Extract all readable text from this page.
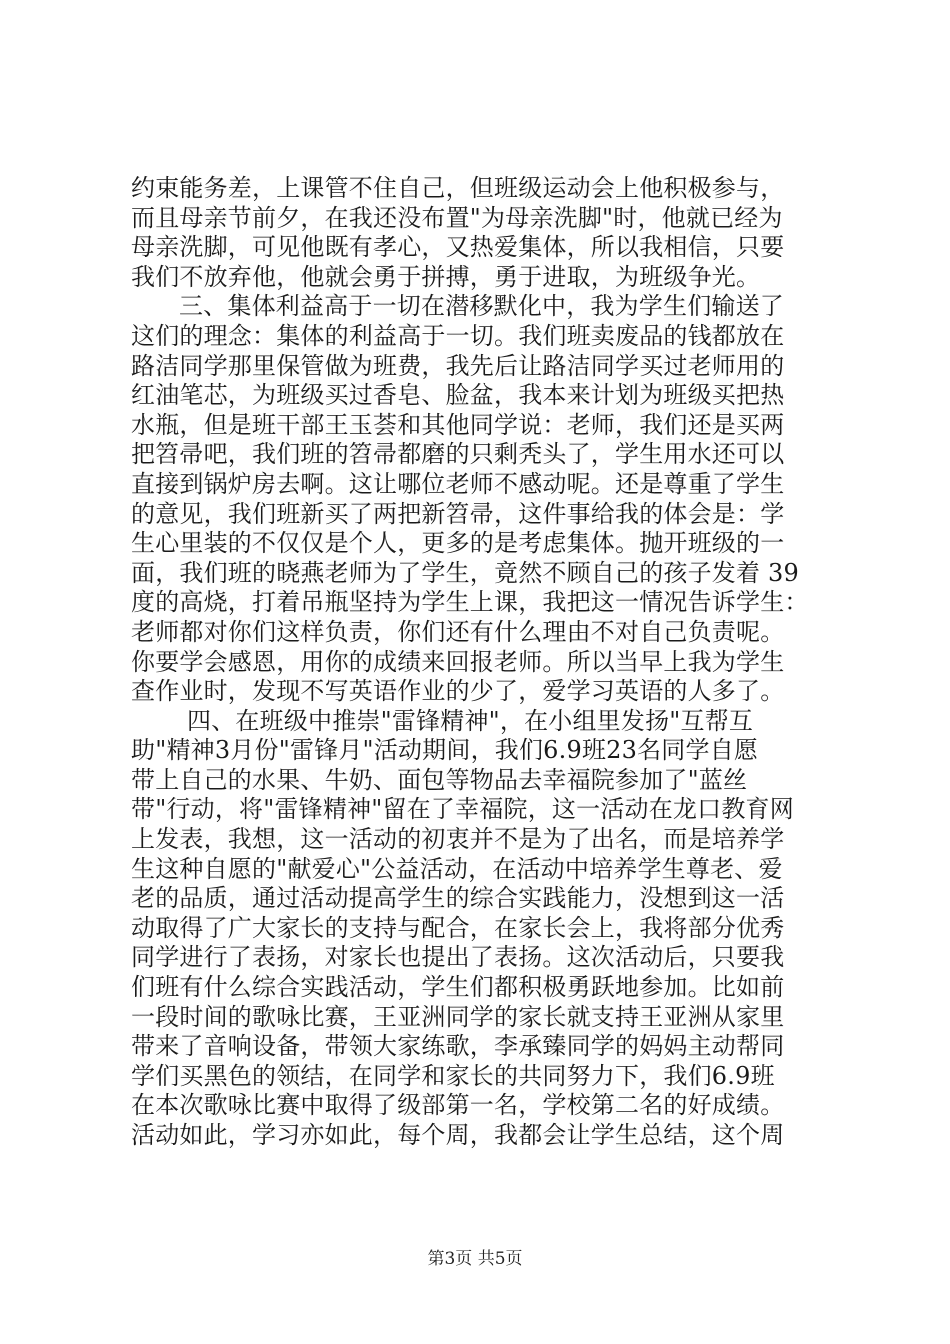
约束能务差，上课管不住自己，但班级运动会上他积极参与，
而且母亲节前夕，在我还没布置"为母亲洗脚"时，他就已经为
母亲洗脚，可见他既有孝心，又热爱集体，所以我相信，只要
我们不放弃他，他就会勇于拼搏，勇于进取，为班级争光。
三、集体利益高于一切在潜移默化中，我为学生们输送了
这们的理念：集体的利益高于一切。我们班卖废品的钱都放在
路洁同学那里保管做为班费，我先后让路洁同学买过老师用的
红油笔芯，为班级买过香皂、脸盆，我本来计划为班级买把热
水瓶，但是班干部王玉荟和其他同学说：老师，我们还是买两
把笤帚吧，我们班的笤帚都磨的只剩秃头了，学生用水还可以
直接到锅炉房去啊。这让哪位老师不感动呢。还是尊重了学生
的意见，我们班新买了两把新笤帚，这件事给我的体会是：学
生心里装的不仅仅是个人，更多的是考虑集体。抛开班级的一
面，我们班的晓燕老师为了学生，竟然不顾自己的孩子发着 39
度的高烧，打着吊瓶坚持为学生上课，我把这一情况告诉学生：
老师都对你们这样负责，你们还有什么理由不对自己负责呢。
你要学会感恩，用你的成绩来回报老师。所以当早上我为学生
查作业时，发现不写英语作业的少了，爱学习英语的人多了。
四、在班级中推崇"雷锋精神"，在小组里发扬"互帮互
助"精神3月份"雷锋月"活动期间，我们6.9班23名同学自愿
带上自己的水果、牛奶、面包等物品去幸福院参加了"蓝丝
带"行动，将"雷锋精神"留在了幸福院，这一活动在龙口教育网
上发表，我想，这一活动的初衷并不是为了出名，而是培养学
生这种自愿的"献爱心"公益活动，在活动中培养学生尊老、爱
老的品质，通过活动提高学生的综合实践能力，没想到这一活
动取得了广大家长的支持与配合，在家长会上，我将部分优秀
同学进行了表扬，对家长也提出了表扬。这次活动后，只要我
们班有什么综合实践活动，学生们都积极勇跃地参加。比如前
一段时间的歌咏比赛，王亚洲同学的家长就支持王亚洲从家里
带来了音响设备，带领大家练歌，李承臻同学的妈妈主动帮同
学们买黑色的领结，在同学和家长的共同努力下，我们6.9班
在本次歌咏比赛中取得了级部第一名，学校第二名的好成绩。
活动如此，学习亦如此，每个周，我都会让学生总结，这个周
第3页 共5页
